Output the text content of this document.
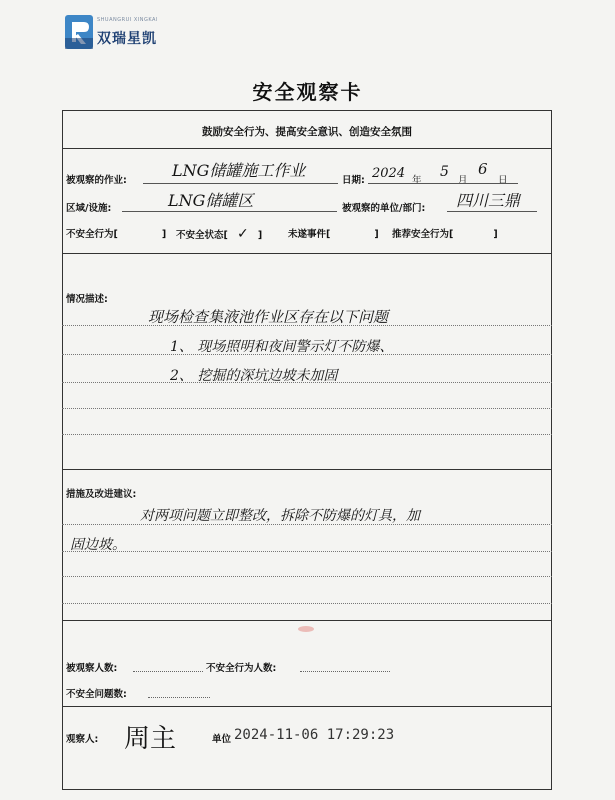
SHUANGRUI XINGKAI
双瑞星凯
安全观察卡
鼓励安全行为、提高安全意识、创造安全氛围
被观察的作业:
LNG储罐施工作业
日期: 2024 年
5
月
6
日
区域/设施:	LNG储罐区	被观察的单位/部门: 四川三鼎
不安全行为[	] 不安全状态[ ✓ ]	未遂事件[	] 推荐安全行为[	]
情况描述:
现场检查集液池作业区存在以下问题
1、 现场照明和夜间警示灯不防爆、
2、 挖掘的深坑边坡未加固
措施及改进建议:
对两项问题立即整改，拆除不防爆的灯具，加
固边坡。
被观察人数:	不安全行为人数:
不安全问题数:
观察人: 周主	单位 2024-11-06 17:29:23
